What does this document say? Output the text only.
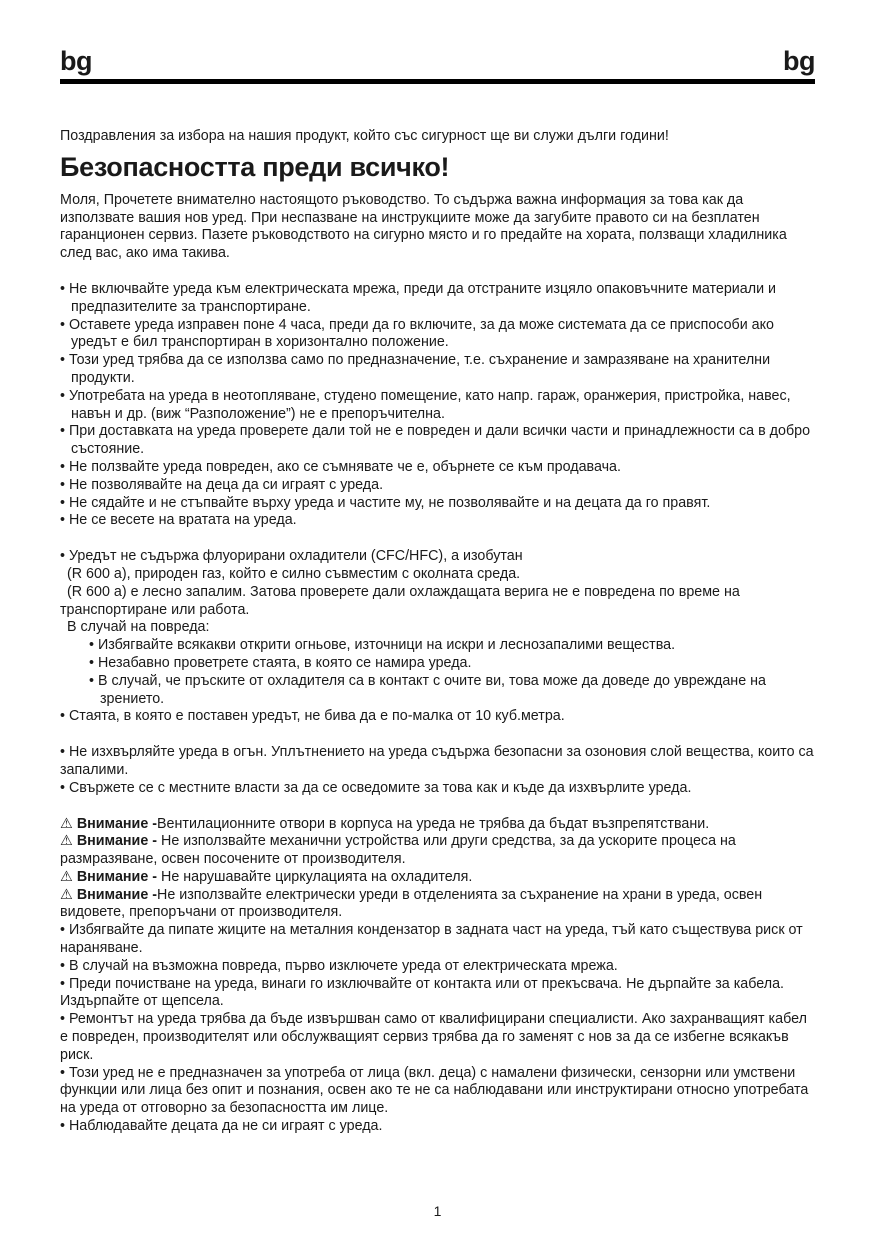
bg	bg

Поздравления за избора на нашия продукт, който със сигурност ще ви служи дълги години!

Безопасността преди всичко!

Моля, Прочетете внимателно настоящото ръководство. То съдържа важна информация за това как да използвате вашия нов уред. При неспазване на инструкциите може да загубите правото си на безплатен гаранционен сервиз. Пазете ръководството на сигурно място и го предайте на хората, ползващи хладилника след вас, ако има такива.

• Не включвайте уреда към електрическата мрежа, преди да отстраните изцяло опаковъчните материали и предпазителите за транспортиране.

• Оставете уреда изправен поне 4 часа, преди да го включите, за да може системата да се приспособи ако уредът е бил транспортиран в хоризонтално положение.

• Този уред трябва да се използва само по предназначение, т.е. съхранение и замразяване на хранителни продукти.

• Употребата на уреда в неотопляване, студено помещение, като напр. гараж, оранжерия, пристройка, навес, навън и др. (виж “Разположение”) не е препоръчителна.

• При доставката на уреда проверете дали той не е повреден и дали всички части и принадлежности са в добро състояние.

• Не ползвайте уреда повреден, ако се съмнявате че е, обърнете се към продавача.

• Не позволявайте на деца да си играят с уреда.

• Не сядайте и не стъпвайте върху уреда и частите му, не позволявайте и на децата да го правят.

• Не се весете на вратата на уреда.

• Уредът не съдържа флуорирани охладители (CFC/HFC), а изобутан

(R 600 a), природен газ, който е силно съвместим с околната среда.

(R 600 a) е лесно запалим. Затова проверете дали охлаждащата верига не е повредена по време на транспортиране или работа.

В случай на повреда:

• Избягвайте всякакви открити огньове, източници на искри и леснозапалими вещества.

• Незабавно проветрете стаята, в която се намира уреда.

• В случай, че пръските от охладителя са в контакт с очите ви, това може да доведе до увреждане на зрението.

• Стаята, в която е поставен уредът, не бива да е по-малка от 10 куб.метра.

• Не изхвърляйте уреда в огън. Уплътнението на уреда съдържа безопасни за озоновия слой вещества, които са запалими.

• Свържете се с местните власти за да се осведомите за това как и къде да изхвърлите уреда.

⚠ Внимание -Вентилационните отвори в корпуса на уреда не трябва да бъдат възпрепятствани.

⚠ Внимание - Не използвайте механични устройства или други средства, за да ускорите процеса на размразяване, освен посочените от производителя.

⚠ Внимание - Не нарушавайте циркулацията на охладителя.

⚠ Внимание -Не използвайте електрически уреди в отделенията за съхранение на храни в уреда, освен видовете, препоръчани от производителя.

• Избягвайте да пипате жиците на металния кондензатор в задната част на уреда, тъй като съществува риск от нараняване.

• В случай на възможна повреда, първо изключете уреда от електрическата мрежа.

• Преди почистване на уреда, винаги го изключвайте от контакта или от прекъсвача. Не дърпайте за кабела. Издърпайте от щепсела.

• Ремонтът на уреда трябва да бъде извършван само от квалифицирани специалисти. Ако захранващият кабел е повреден, производителят или обслужващият сервиз трябва да го заменят с нов за да се избегне всякакъв риск.

• Този уред не е предназначен за употреба от лица (вкл. деца) с намалени физически, сензорни или умствени функции или лица без опит и познания, освен ако те не са наблюдавани или инструктирани относно употребата на уреда от отговорно за безопасността им лице.

• Наблюдавайте децата да не си играят с уреда.

1
